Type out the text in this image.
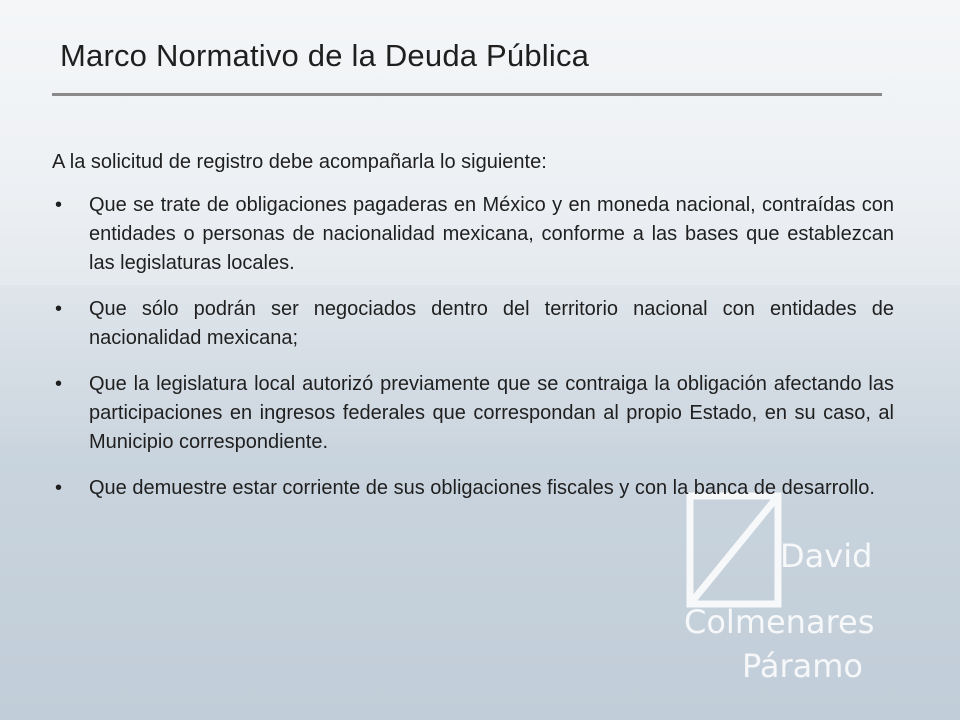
Marco Normativo de la Deuda Pública
David
Colmenares
Páramo

A la solicitud de registro debe acompañarla lo siguiente:

• Que se trate de obligaciones pagaderas en México y en moneda nacional, contraídas con entidades o personas de nacionalidad mexicana, conforme a las bases que establezcan las legislaturas locales.
• Que sólo podrán ser negociados dentro del territorio nacional con entidades de nacionalidad mexicana;
• Que la legislatura local autorizó previamente que se contraiga la obligación afectando las participaciones en ingresos federales que correspondan al propio Estado, en su caso, al Municipio correspondiente.
• Que demuestre estar corriente de sus obligaciones fiscales y con la banca de desarrollo.
